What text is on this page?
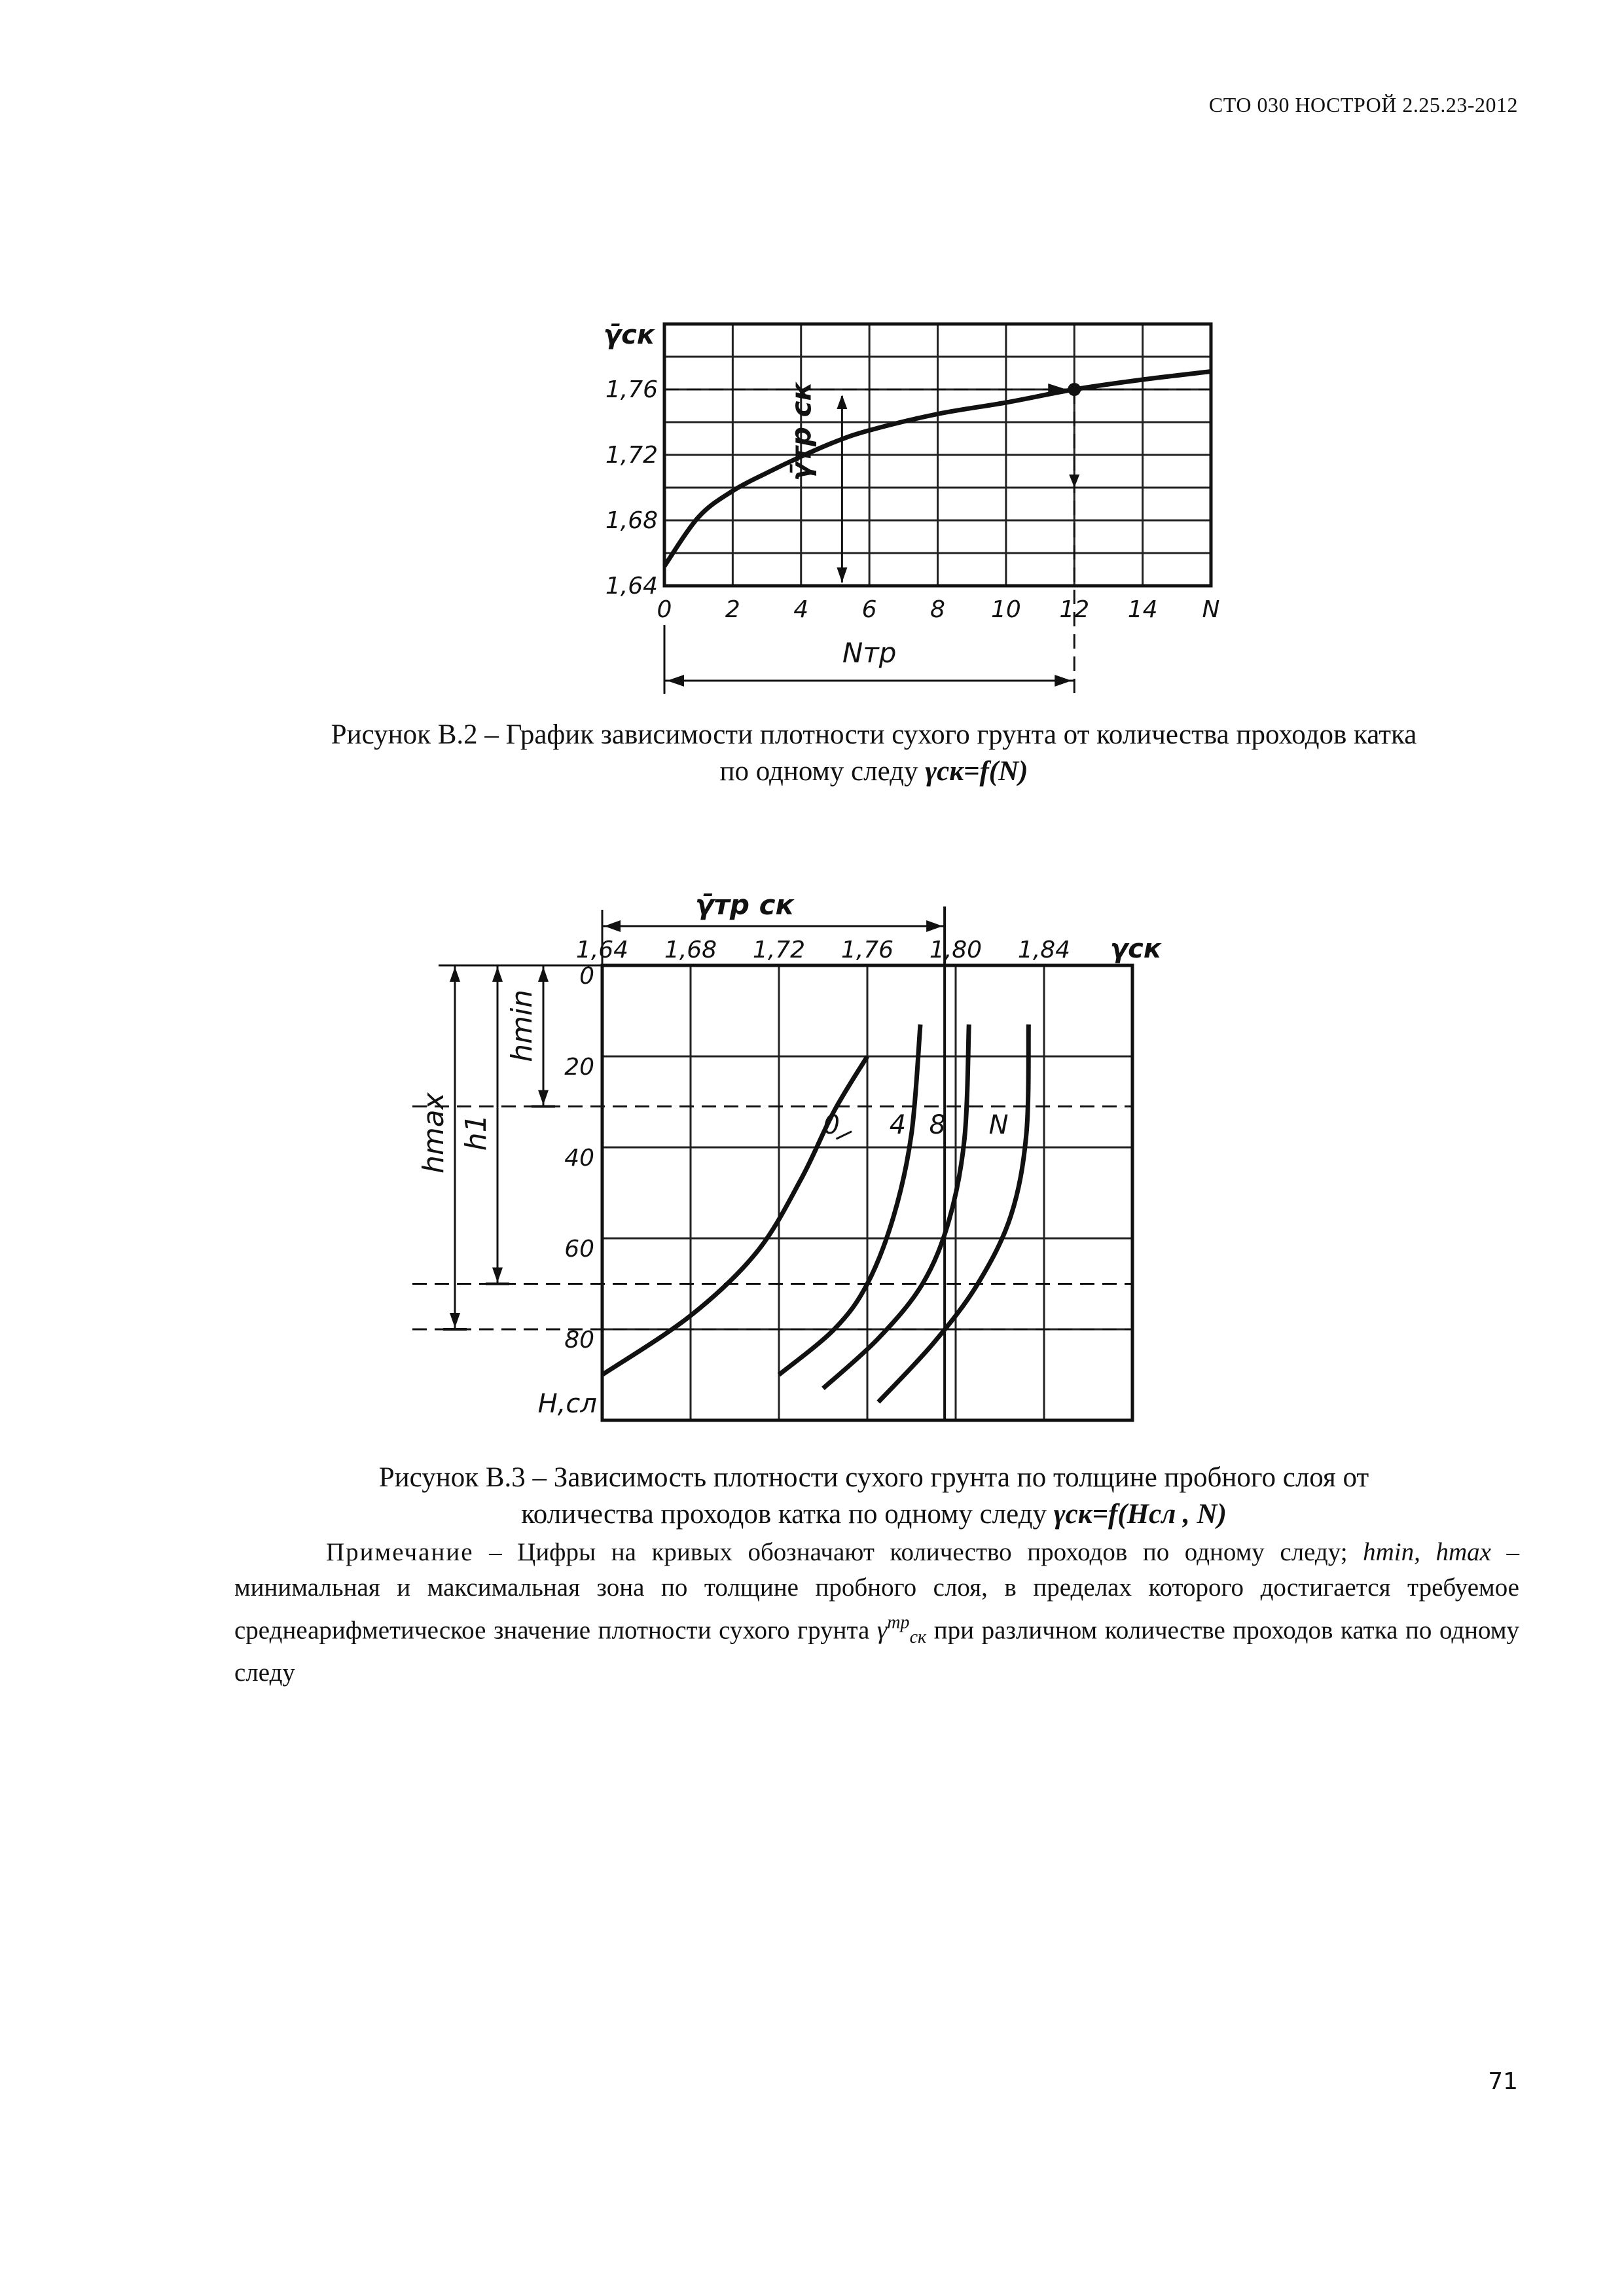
СТО 030 НОСТРОЙ 2.25.23-2012
1,76
1,72
1,68
1,64
0 2 4 6 8 10 12 14 N
γ̄ск
γ̄тр ск
Nтр
Рисунок В.2 – График зависимости плотности сухого грунта от количества проходов катка
по одному следу γск=f(N)
1,64 1,68 1,72 1,76 1,80 1,84 γск
0
20
40
60
80
Н,сл
0 4 8 N
γ̄тр ск
hmax h1
hmin
Рисунок В.3 – Зависимость плотности сухого грунта по толщине пробного слоя от
количества проходов катка по одному следу γск=f(Hсл , N)
Примечание – Цифры на кривых обозначают количество проходов по одному следу; hmin, hmax – минимальная и максимальная зона по толщине пробного слоя, в пределах которого достигается требуемое среднеарифметическое значение плотности сухого грунта $\gamma^{тр}_{ск}$ при различном количестве проходов катка по одному следу
71
